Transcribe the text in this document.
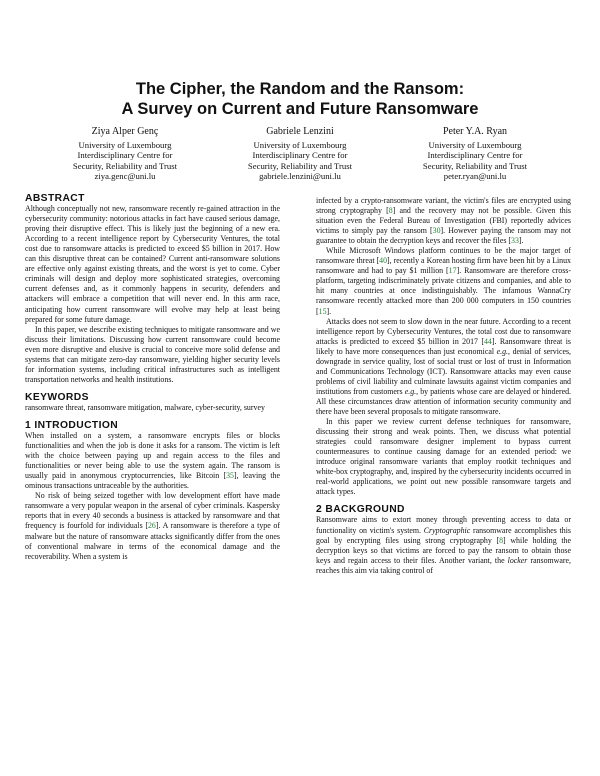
The Cipher, the Random and the Ransom:
A Survey on Current and Future Ransomware
Ziya Alper Genç
University of Luxembourg
Interdisciplinary Centre for
Security, Reliability and Trust
ziya.genc@uni.lu
Gabriele Lenzini
University of Luxembourg
Interdisciplinary Centre for
Security, Reliability and Trust
gabriele.lenzini@uni.lu
Peter Y.A. Ryan
University of Luxembourg
Interdisciplinary Centre for
Security, Reliability and Trust
peter.ryan@uni.lu
ABSTRACT

Although conceptually not new, ransomware recently re-gained attraction in the cybersecurity community: notorious attacks in fact have caused serious damage, proving their disruptive effect. This is likely just the beginning of a new era. According to a recent intelligence report by Cybersecurity Ventures, the total cost due to ransomware attacks is predicted to exceed $5 billion in 2017. How can this disruptive threat can be contained? Current anti-ransomware solutions are effective only against existing threats, and the worst is yet to come. Cyber criminals will design and deploy more sophisticated strategies, overcoming current defenses and, as it commonly happens in security, defenders and attackers will embrace a competition that will never end. In this arm race, anticipating how current ransomware will evolve may help at least being prepared for some future damage.

In this paper, we describe existing techniques to mitigate ransomware and we discuss their limitations. Discussing how current ransomware could become even more disruptive and elusive is crucial to conceive more solid defense and systems that can mitigate zero-day ransomware, yielding higher security levels for information systems, including critical infrastructures such as intelligent transportation networks and health institutions.

KEYWORDS

ransomware threat, ransomware mitigation, malware, cyber-security, survey

1 INTRODUCTION

When installed on a system, a ransomware encrypts files or blocks functionalities and when the job is done it asks for a ransom. The victim is left with the choice between paying up and regain access to the files and functionalities or never being able to use the system again. The ransom is usually paid in anonymous cryptocurrencies, like Bitcoin [35], leaving the ominous transactions untraceable by the authorities.

No risk of being seized together with low development effort have made ransomware a very popular weapon in the arsenal of cyber criminals. Kaspersky reports that in every 40 seconds a business is attacked by ransomware and that frequency is fourfold for individuals [26]. A ransomware is therefore a type of malware but the nature of ransomware attacks significantly differ from the ones of conventional malware in terms of the economical damage and the recoverability. When a system is

infected by a crypto-ransomware variant, the victim's files are encrypted using strong cryptography [8] and the recovery may not be possible. Given this situation even the Federal Bureau of Investigation (FBI) reportedly advices victims to simply pay the ransom [30]. However paying the ransom may not guarantee to obtain the decryption keys and recover the files [33].

While Microsoft Windows platform continues to be the major target of ransomware threat [40], recently a Korean hosting firm have been hit by a Linux ransomware and had to pay $1 million [17]. Ransomware are therefore cross-platform, targeting indiscriminately private citizens and companies, and able to hit many countries at once indistinguishably. The infamous WannaCry ransomware recently attacked more than 200 000 computers in 150 countries [15].

Attacks does not seem to slow down in the near future. According to a recent intelligence report by Cybersecurity Ventures, the total cost due to ransomware attacks is predicted to exceed $5 billion in 2017 [44]. Ransomware threat is likely to have more consequences than just economical e.g., denial of services, downgrade in service quality, lost of social trust or lost of trust in Information and Communications Technology (ICT). Ransomware attacks may even cause problems of civil liability and culminate lawsuits against victim companies and institutions from customers e.g., by patients whose care are delayed or hindered. All these circumstances draw attention of information security community and there have been several proposals to mitigate ransomware.

In this paper we review current defense techniques for ransomware, discussing their strong and weak points. Then, we discuss what potential strategies could ransomware designer implement to bypass current countermeasures to continue causing damage for an extended period: we introduce original ransomware variants that employ rootkit techniques and white-box cryptography, and, inspired by the cybersecurity incidents occurred in real-world applications, we point out new possible ransomware targets and attack types.

2 BACKGROUND

Ransomware aims to extort money through preventing access to data or functionality on victim's system. Cryptographic ransomware accomplishes this goal by encrypting files using strong cryptography [8] while holding the decryption keys so that victims are forced to pay the ransom to obtain those keys and regain access to their files. Another variant, the locker ransomware, reaches this aim via taking control of
